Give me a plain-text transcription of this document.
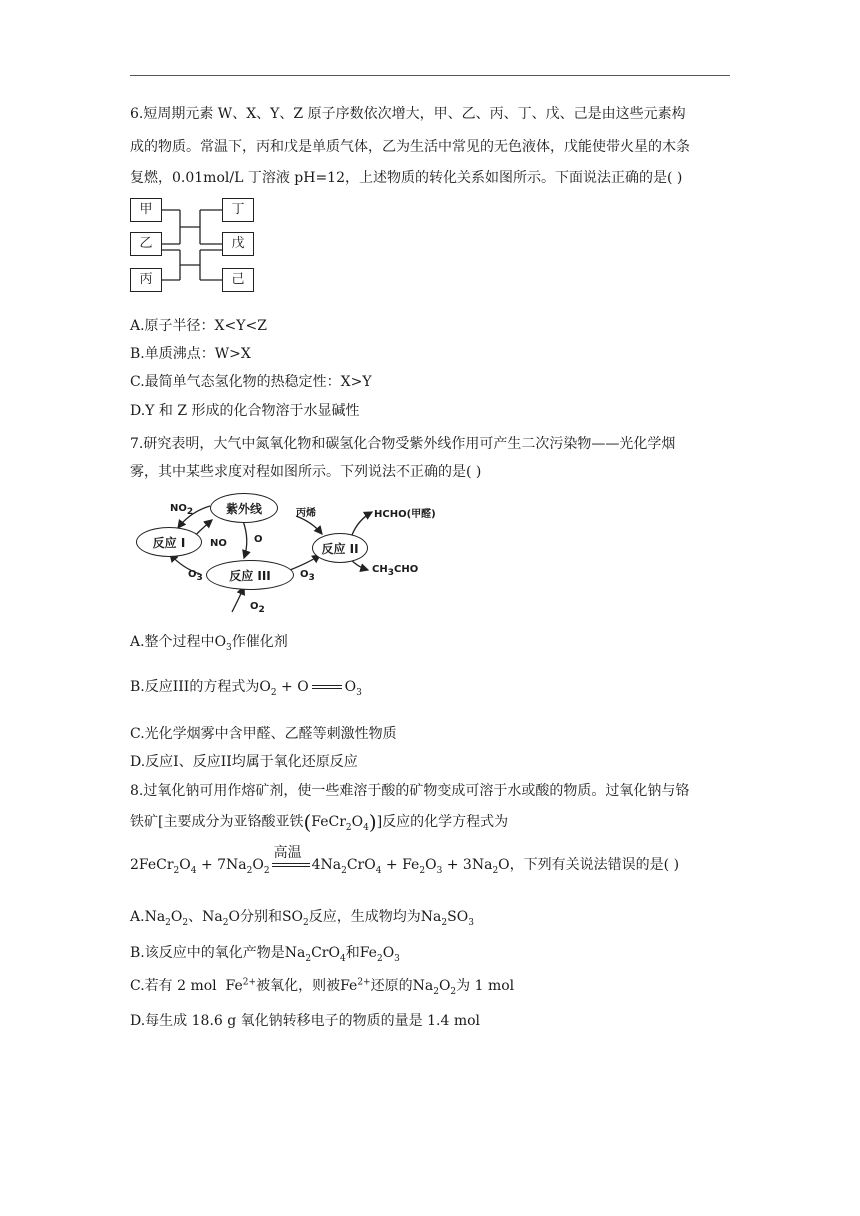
6.短周期元素 W、X、Y、Z 原子序数依次增大，甲、乙、丙、丁、戊、己是由这些元素构
成的物质。常温下，丙和戊是单质气体，乙为生活中常见的无色液体，戊能使带火星的木条
复燃，0.01mol/L 丁溶液 pH=12，上述物质的转化关系如图所示。下面说法正确的是( )
甲
乙
丙
丁
戊
己
A.原子半径：X<Y<Z
B.单质沸点：W>X
C.最简单气态氢化物的热稳定性：X>Y
D.Y 和 Z 形成的化合物溶于水显碱性
7.研究表明，大气中氮氧化物和碳氢化合物受紫外线作用可产生二次污染物——光化学烟
雾，其中某些求度对程如图所示。下列说法不正确的是( )
紫外线
反应 I	反应 II
反应 III
$NO_2$
NO	O
$O_3$	$O_3$
$O_2$
丙烯	HCHO(甲醛)
$CH_3CHO$
A.整个过程中$O_3$作催化剂
B.反应III的方程式为$O_2 + O$	$O_3$
C.光化学烟雾中含甲醛、乙醛等刺激性物质
D.反应I、反应II均属于氧化还原反应
8.过氧化钠可用作熔矿剂，使一些难溶于酸的矿物变成可溶于水或酸的物质。过氧化钠与铬
铁矿[主要成分为亚铬酸亚铁$(FeCr_2O_4)$]反应的化学方程式为
$2FeCr_2O_4 + 7Na_2O_2$
高温
$4Na_2CrO_4 + Fe_2O_3 + 3Na_2O$，下列有关说法错误的是( )
$A.Na_2O_2$、$Na_2O$分别和$SO_2$反应，生成物均为$Na_2SO_3$
B.该反应中的氧化产物是$Na_2CrO_4$和$Fe_2O_3$
C.若有 2 mol  $Fe^{2+}$被氧化，则被$Fe^{2+}$还原的$Na_2O_2$为 1 mol
D.每生成 18.6 g 氧化钠转移电子的物质的量是 1.4 mol
